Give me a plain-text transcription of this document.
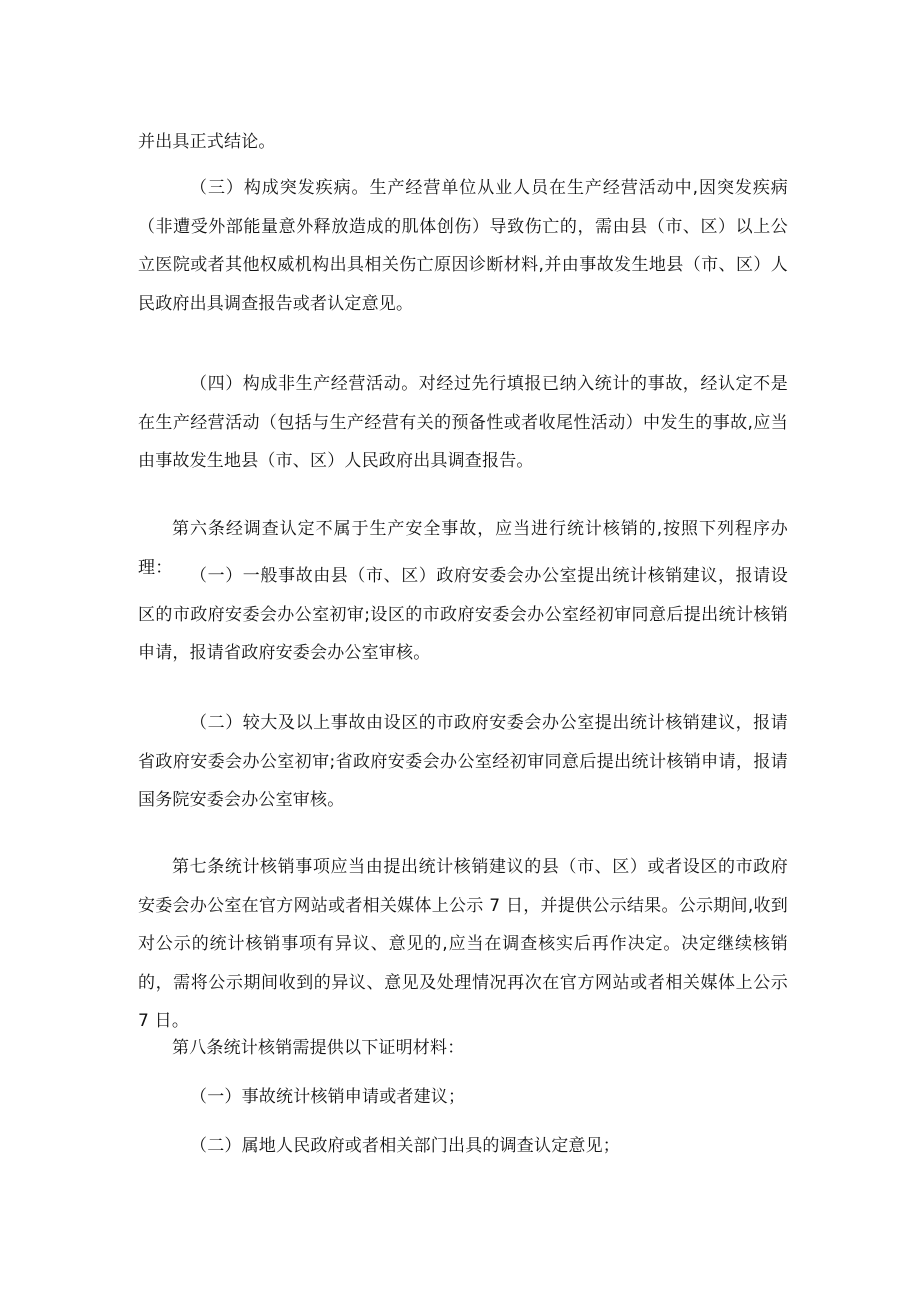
并出具正式结论。

（三）构成突发疾病。生产经营单位从业人员在生产经营活动中,因突发疾病（非遭受外部能量意外释放造成的肌体创伤）导致伤亡的，需由县（市、区）以上公立医院或者其他权威机构出具相关伤亡原因诊断材料,并由事故发生地县（市、区）人民政府出具调查报告或者认定意见。

（四）构成非生产经营活动。对经过先行填报已纳入统计的事故，经认定不是在生产经营活动（包括与生产经营有关的预备性或者收尾性活动）中发生的事故,应当由事故发生地县（市、区）人民政府出具调查报告。

第六条经调查认定不属于生产安全事故，应当进行统计核销的,按照下列程序办理：	（一）一般事故由县（市、区）政府安委会办公室提出统计核销建议，报请设区的市政府安委会办公室初审;设区的市政府安委会办公室经初审同意后提出统计核销申请，报请省政府安委会办公室审核。

（二）较大及以上事故由设区的市政府安委会办公室提出统计核销建议，报请省政府安委会办公室初审;省政府安委会办公室经初审同意后提出统计核销申请，报请国务院安委会办公室审核。

第七条统计核销事项应当由提出统计核销建议的县（市、区）或者设区的市政府安委会办公室在官方网站或者相关媒体上公示 7 日，并提供公示结果。公示期间,收到对公示的统计核销事项有异议、意见的,应当在调查核实后再作决定。决定继续核销的，需将公示期间收到的异议、意见及处理情况再次在官方网站或者相关媒体上公示 7 日。

第八条统计核销需提供以下证明材料：

（一）事故统计核销申请或者建议；

（二）属地人民政府或者相关部门出具的调查认定意见；
